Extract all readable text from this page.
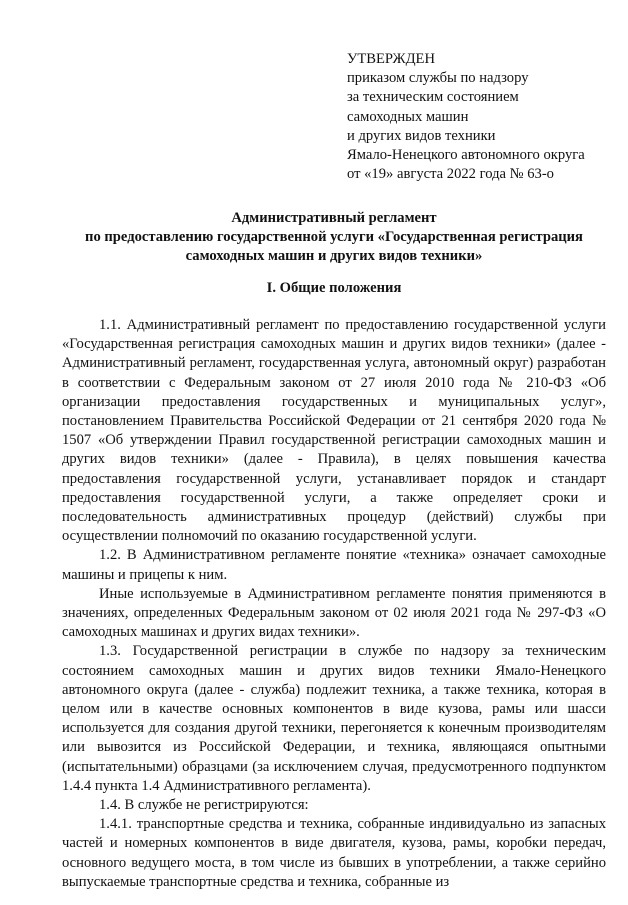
УТВЕРЖДЕН
приказом службы по надзору
за техническим состоянием
самоходных машин
и других видов техники
Ямало-Ненецкого автономного округа
от «19» августа 2022 года № 63-о
Административный регламент
по предоставлению государственной услуги «Государственная регистрация
самоходных машин и других видов техники»
I. Общие положения

1.1. Административный регламент по предоставлению государственной услуги «Государственная регистрация самоходных машин и других видов техники» (далее - Административный регламент, государственная услуга, автономный округ) разработан в соответствии с Федеральным законом от 27 июля 2010 года № 210-ФЗ «Об организации предоставления государственных и муниципальных услуг», постановлением Правительства Российской Федерации от 21 сентября 2020 года № 1507 «Об утверждении Правил государственной регистрации самоходных машин и других видов техники» (далее - Правила), в целях повышения качества предоставления государственной услуги, устанавливает порядок и стандарт предоставления государственной услуги, а также определяет сроки и последовательность административных процедур (действий) службы при осуществлении полномочий по оказанию государственной услуги.

1.2. В Административном регламенте понятие «техника» означает самоходные машины и прицепы к ним.

Иные используемые в Административном регламенте понятия применяются в значениях, определенных Федеральным законом от 02 июля 2021 года № 297-ФЗ «О самоходных машинах и других видах техники».

1.3. Государственной регистрации в службе по надзору за техническим состоянием самоходных машин и других видов техники Ямало-Ненецкого автономного округа (далее - служба) подлежит техника, а также техника, которая в целом или в качестве основных компонентов в виде кузова, рамы или шасси используется для создания другой техники, перегоняется к конечным производителям или вывозится из Российской Федерации, и техника, являющаяся опытными (испытательными) образцами (за исключением случая, предусмотренного подпунктом 1.4.4 пункта 1.4 Административного регламента).

1.4. В службе не регистрируются:

1.4.1. транспортные средства и техника, собранные индивидуально из запасных частей и номерных компонентов в виде двигателя, кузова, рамы, коробки передач, основного ведущего моста, в том числе из бывших в употреблении, а также серийно выпускаемые транспортные средства и техника, собранные из
